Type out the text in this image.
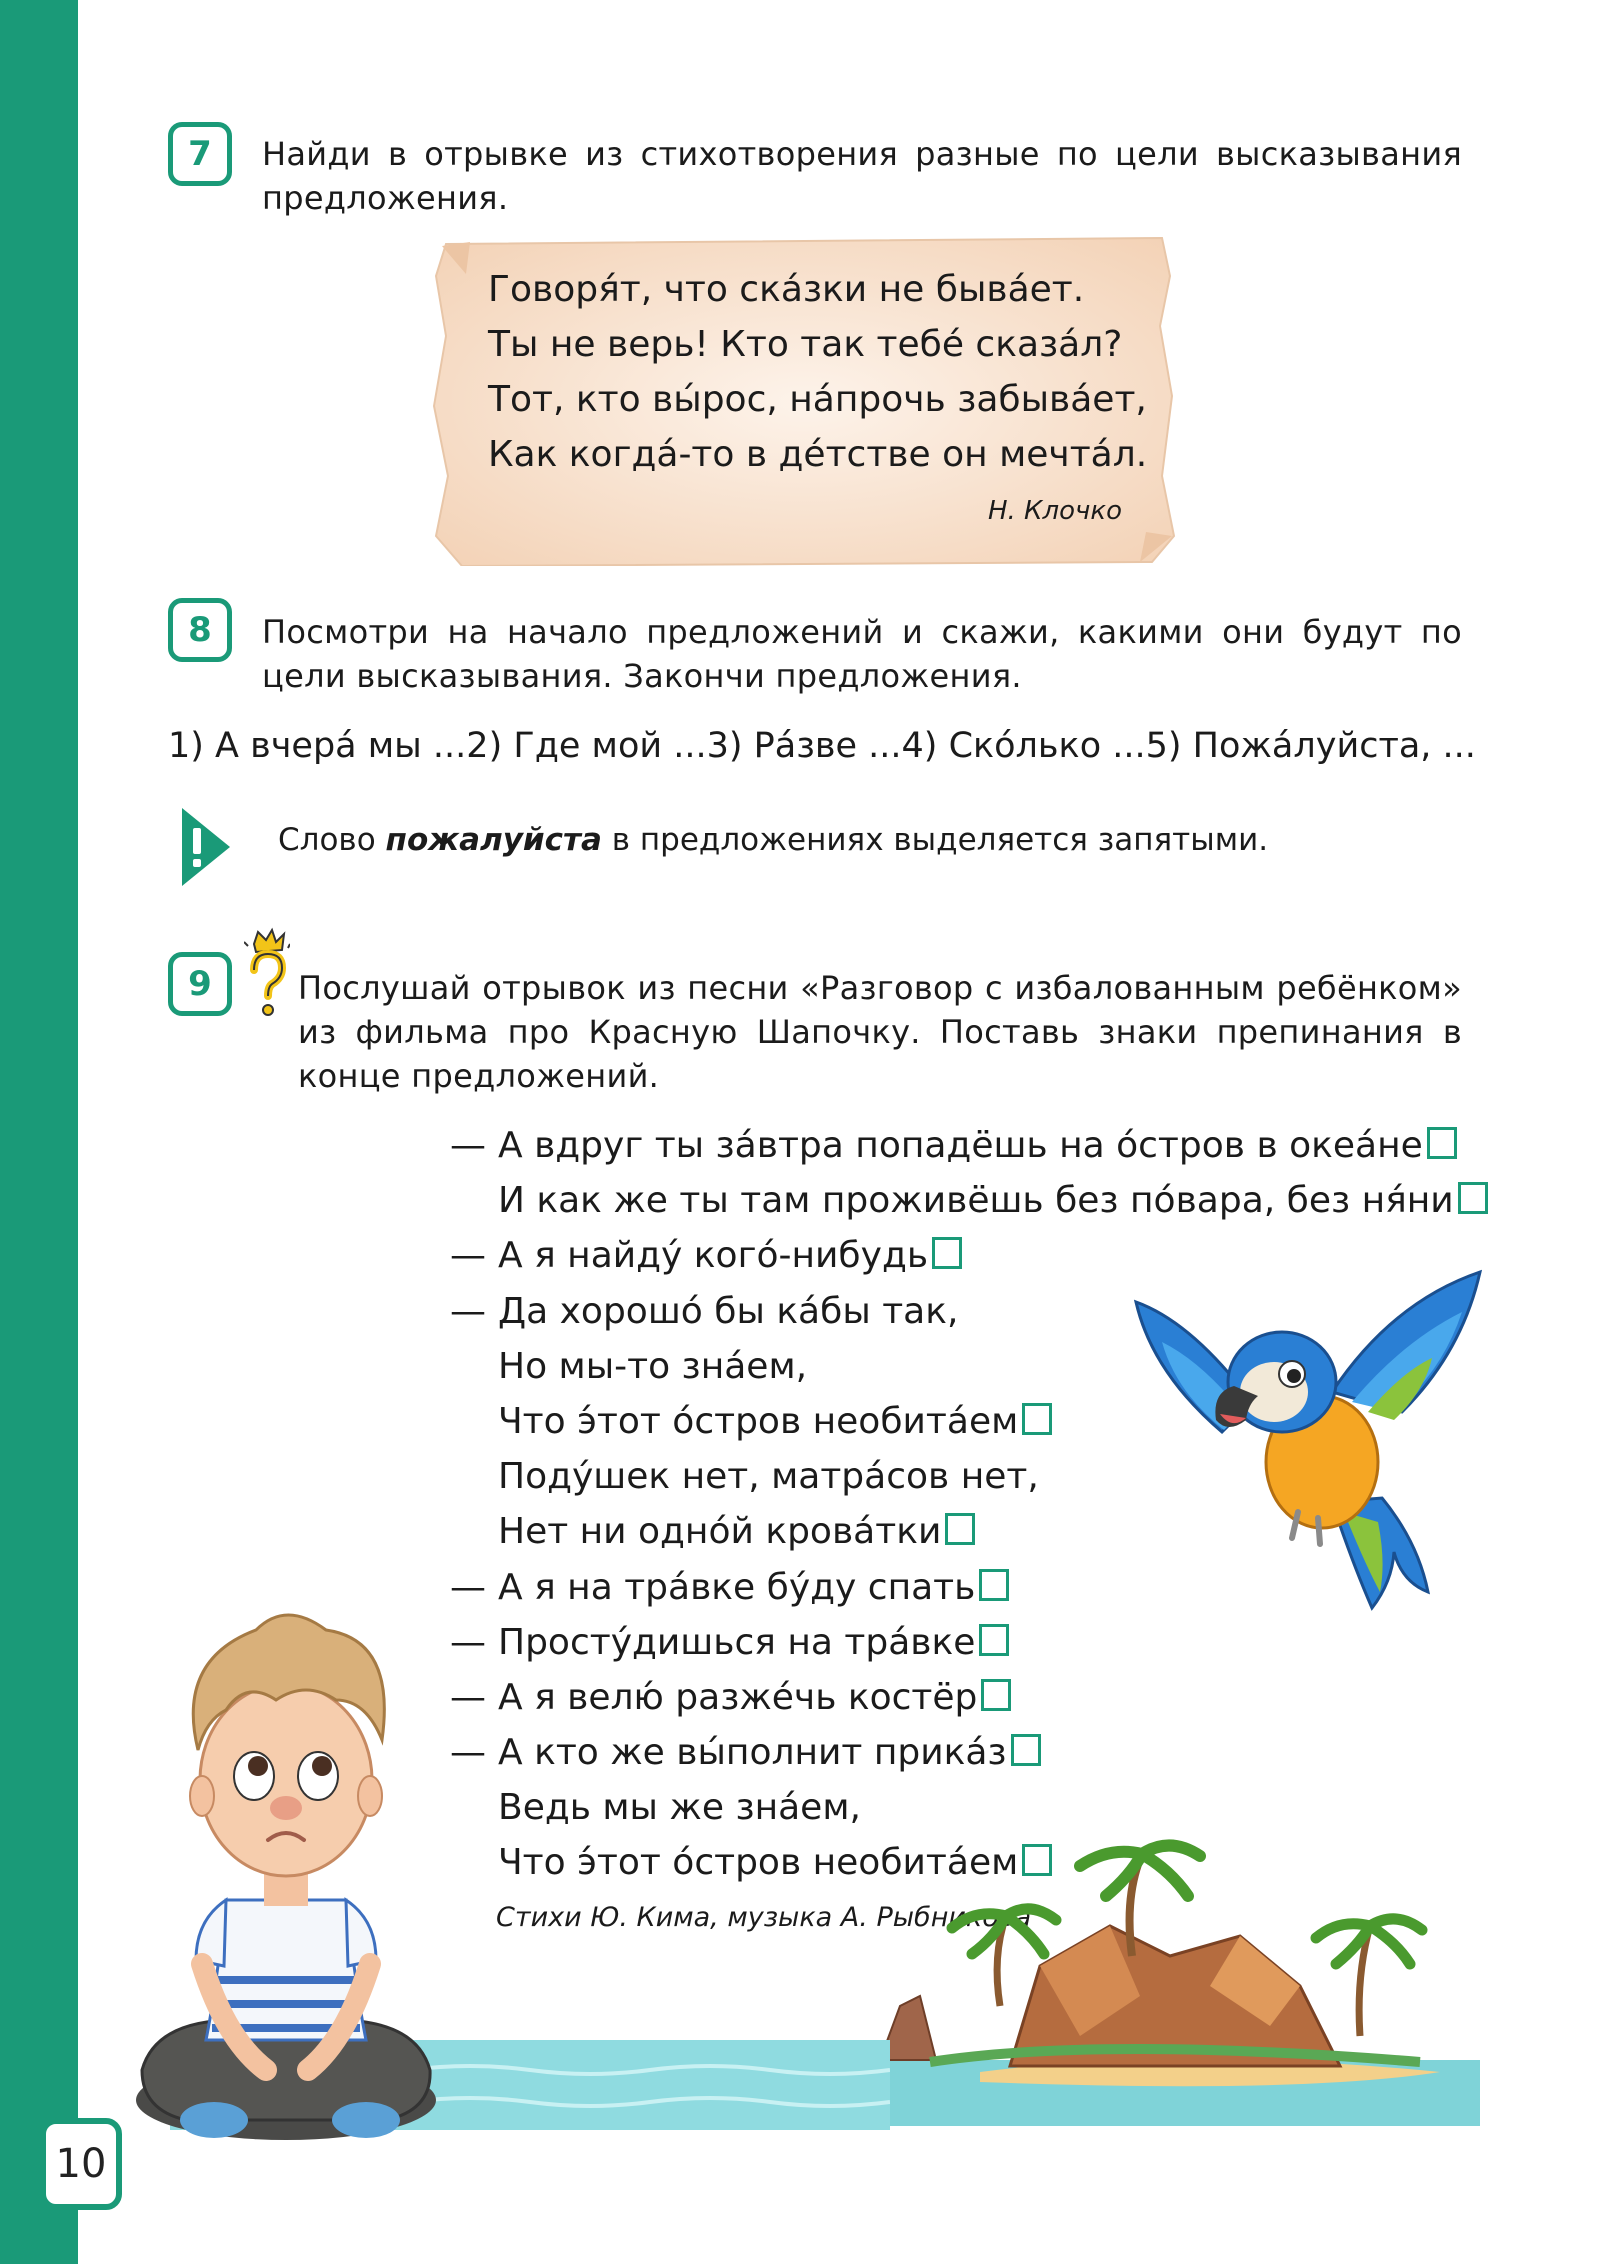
7	Найди в отрывке из стихотворения разные по цели высказывания предложения.
Говоря́т, что ска́зки не быва́ет.
Ты не верь! Кто так тебе́ сказа́л?
Тот, кто вы́рос, на́прочь забыва́ет,
Как когда́-то в де́тстве он мечта́л.
Н. Клочко
8	Посмотри на начало предложений и скажи, какими они будут по цели высказывания. Закончи предложения.
1) А вчера́ мы ... 2) Где мой ... 3) Ра́зве ... 4) Ско́лько ... 5) Пожа́луйста, ...
Слово пожалуйста в предложениях выделяется запятыми.
9	Послушай отрывок из песни «Разговор с избалованным ребёнком» из фильма про Красную Шапочку. Поставь знаки препинания в конце предложений.
— А вдруг ты за́втра попадёшь на о́стров в океа́не
И как же ты там проживёшь без по́вара, без ня́ни
— А я найду́ кого́-нибудь
— Да хорошо́ бы ка́бы так,
Но мы-то зна́ем,
Что э́тот о́стров необита́ем
Поду́шек нет, матра́сов нет,
Нет ни одно́й крова́тки
— А я на тра́вке бу́ду спать
— Просту́дишься на тра́вке
— А я велю́ разже́чь костёр
— А кто же вы́полнит прика́з
Ведь мы же зна́ем,
Что э́тот о́стров необита́ем
Стихи Ю. Кима, музыка А. Рыбникова
10
